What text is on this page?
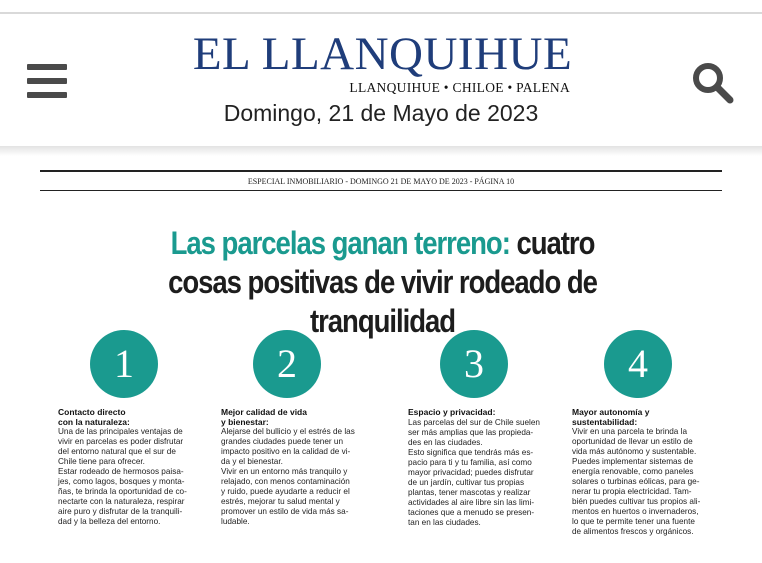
EL LLANQUIHUE
LLANQUIHUE • CHILOE • PALENA
Domingo, 21 de Mayo de 2023
ESPECIAL INMOBILIARIO - DOMINGO 21 DE MAYO DE 2023 - PÁGINA 10
Las parcelas ganan terreno: cuatro cosas positivas de vivir rodeado de tranquilidad
1
Contacto directo
con la naturaleza:
Una de las principales ventajas de
vivir en parcelas es poder disfrutar
del entorno natural que el sur de
Chile tiene para ofrecer.
Estar rodeado de hermosos paisa-
jes, como lagos, bosques y monta-
ñas, te brinda la oportunidad de co-
nectarte con la naturaleza, respirar
aire puro y disfrutar de la tranquili-
dad y la belleza del entorno.
2
Mejor calidad de vida
y bienestar:
Alejarse del bullicio y el estrés de las
grandes ciudades puede tener un
impacto positivo en la calidad de vi-
da y el bienestar.
Vivir en un entorno más tranquilo y
relajado, con menos contaminación
y ruido, puede ayudarte a reducir el
estrés, mejorar tu salud mental y
promover un estilo de vida más sa-
ludable.
3
Espacio y privacidad:
Las parcelas del sur de Chile suelen
ser más amplias que las propieda-
des en las ciudades.
Esto significa que tendrás más es-
pacio para ti y tu familia, así como
mayor privacidad; puedes disfrutar
de un jardín, cultivar tus propias
plantas, tener mascotas y realizar
actividades al aire libre sin las limi-
taciones que a menudo se presen-
tan en las ciudades.
4
Mayor autonomía y
sustentabilidad:
Vivir en una parcela te brinda la
oportunidad de llevar un estilo de
vida más autónomo y sustentable.
Puedes implementar sistemas de
energía renovable, como paneles
solares o turbinas eólicas, para ge-
nerar tu propia electricidad. Tam-
bién puedes cultivar tus propios ali-
mentos en huertos o invernaderos,
lo que te permite tener una fuente
de alimentos frescos y orgánicos.
